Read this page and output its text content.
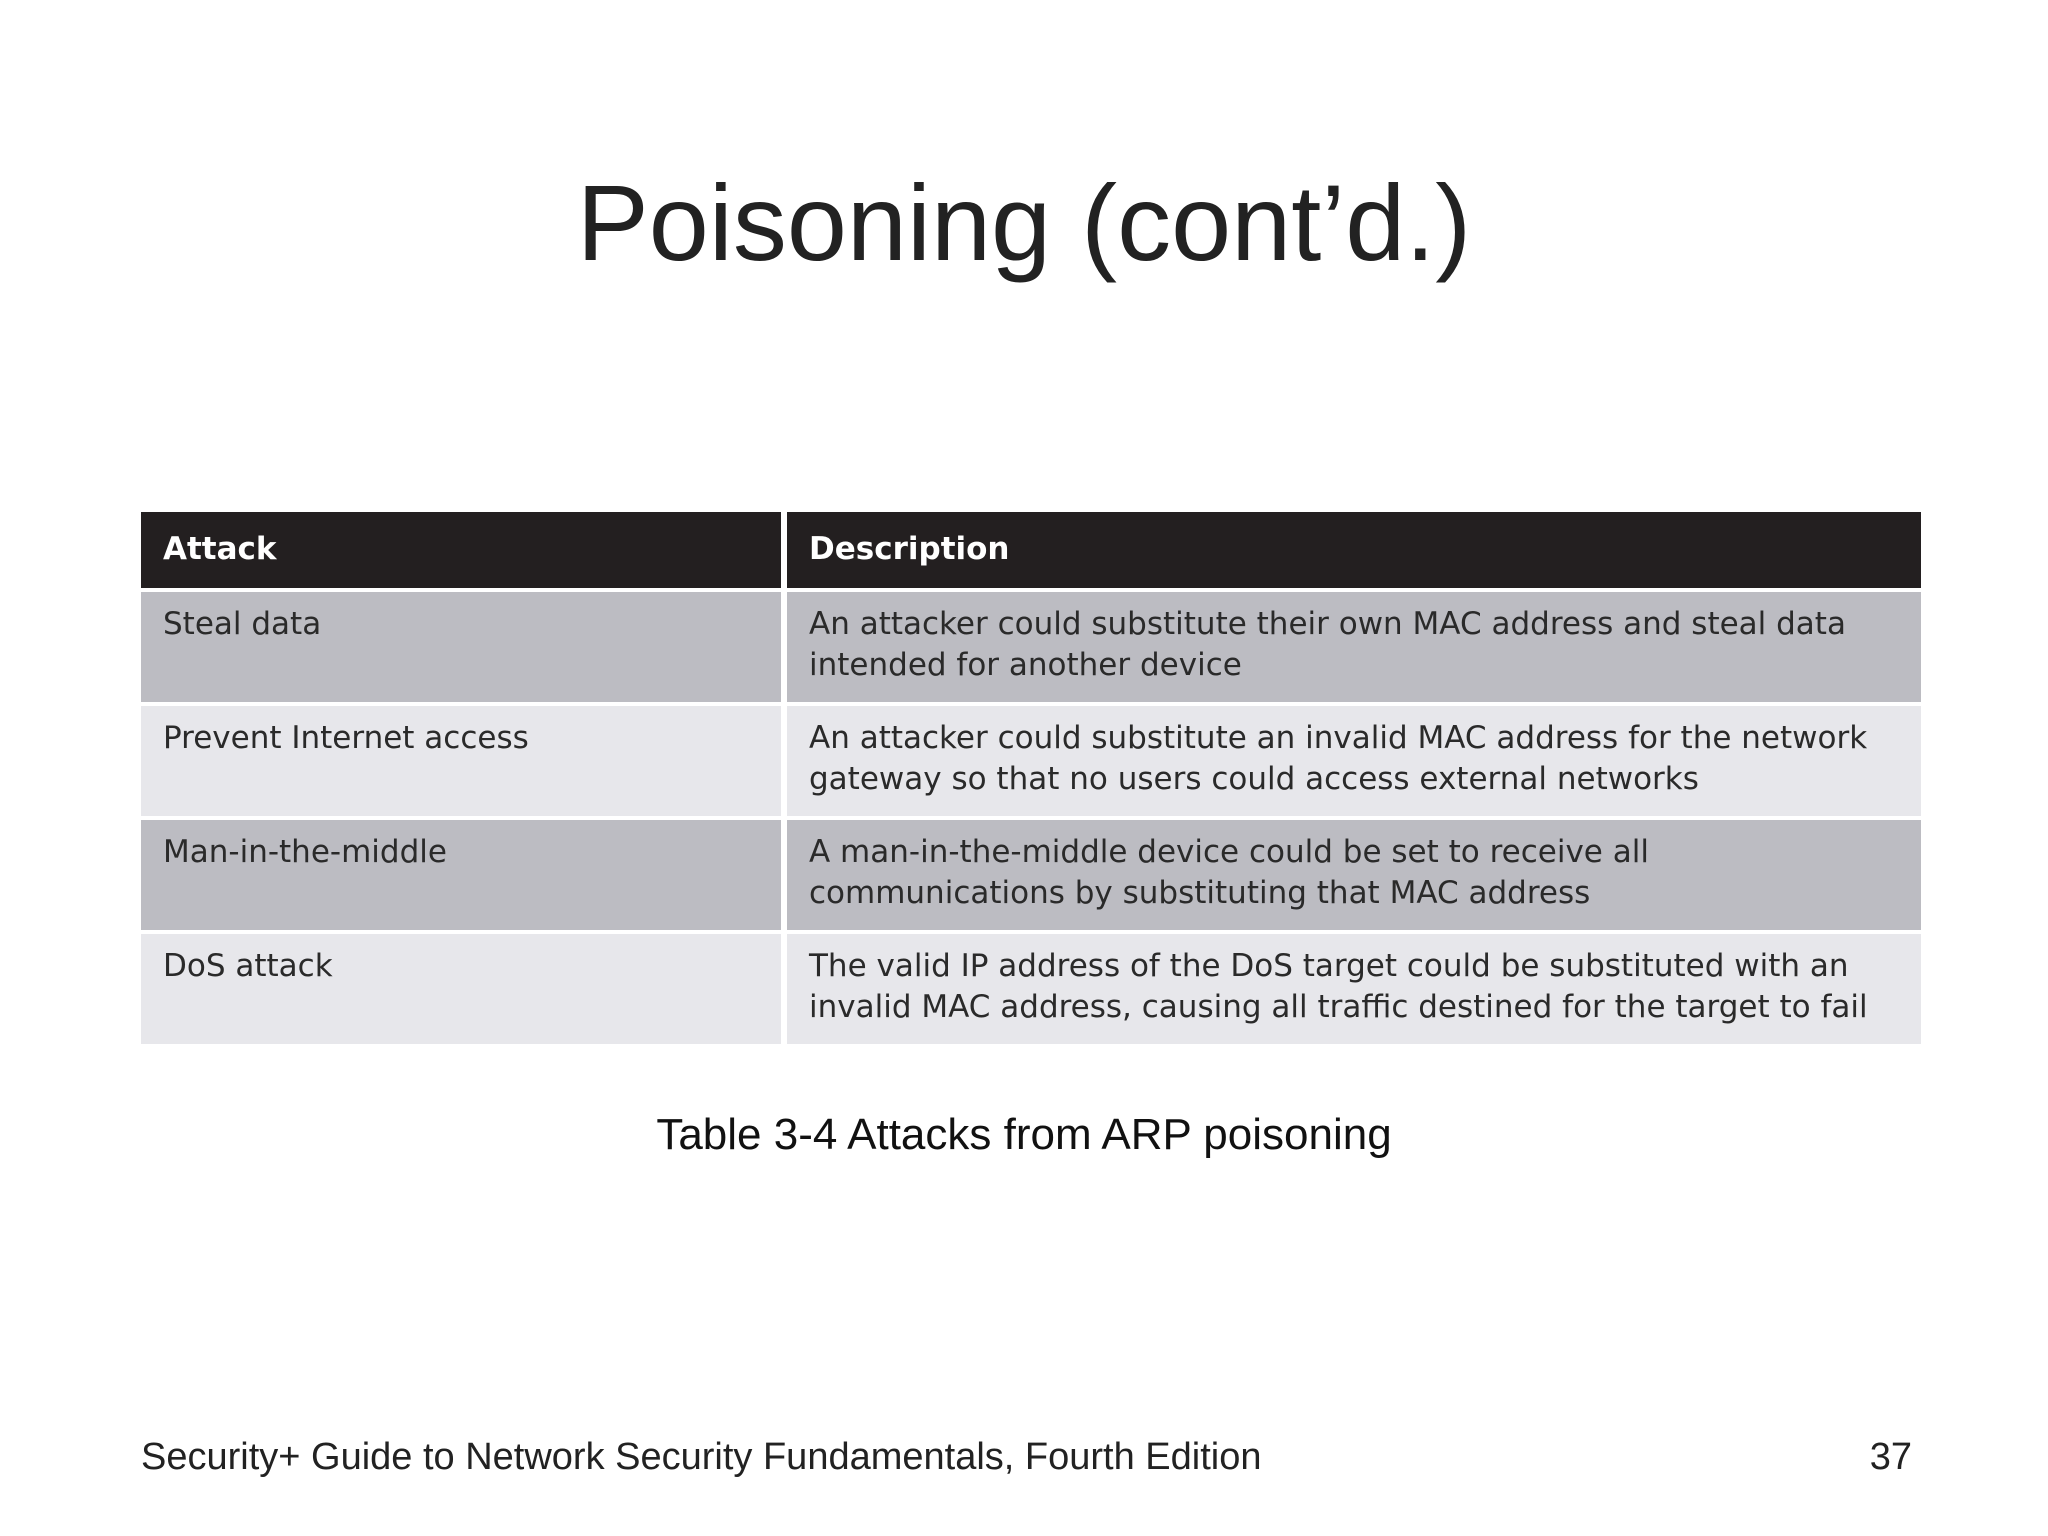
Poisoning (cont’d.)
Attack	Description
Steal data	An attacker could substitute their own MAC address and steal data intended for another device
Prevent Internet access	An attacker could substitute an invalid MAC address for the network gateway so that no users could access external networks
Man-in-the-middle	A man-in-the-middle device could be set to receive all communications by substituting that MAC address
DoS attack	The valid IP address of the DoS target could be substituted with an invalid MAC address, causing all traffic destined for the target to fail
Table 3-4 Attacks from ARP poisoning
Security+ Guide to Network Security Fundamentals, Fourth Edition	37
